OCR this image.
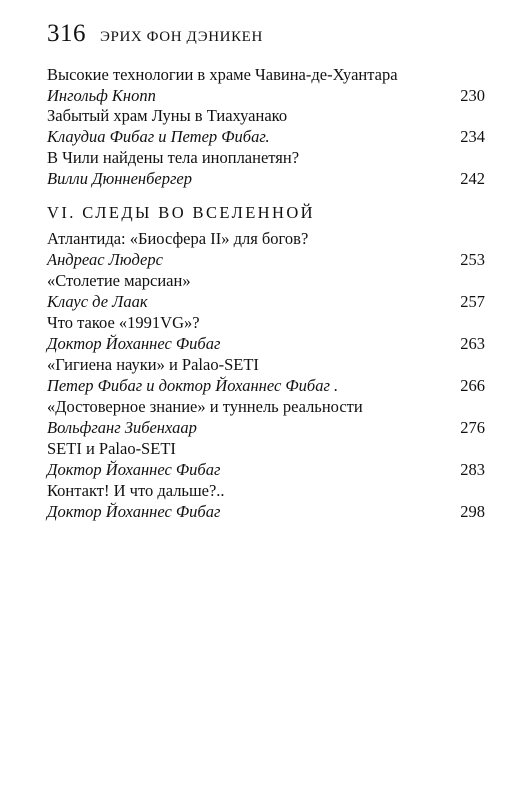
316 ЭРИХ ФОН ДЭНИКЕН
Высокие технологии в храме Чавина-де-Хуантара
Ингольф Кнопп	230
Забытый храм Луны в Тиахуанако
Клаудиа Фибаг и Петер Фибаг.	234
В Чили найдены тела инопланетян?
Вилли Дюнненбергер	242
VI. СЛЕДЫ ВО ВСЕЛЕННОЙ
Атлантида: «Биосфера II» для богов?
Андреас Людерс	253
«Столетие марсиан»
Клаус де Лаак	257
Что такое «1991VG»?
Доктор Йоханнес Фибаг	263
«Гигиена науки» и Palao-SETI
Петер Фибаг и доктор Йоханнес Фибаг .	266
«Достоверное знание» и туннель реальности
Вольфганг Зибенхаар	276
SETI и Palao-SETI
Доктор Йоханнес Фибаг	283
Контакт! И что дальше?..
Доктор Йоханнес Фибаг	298
